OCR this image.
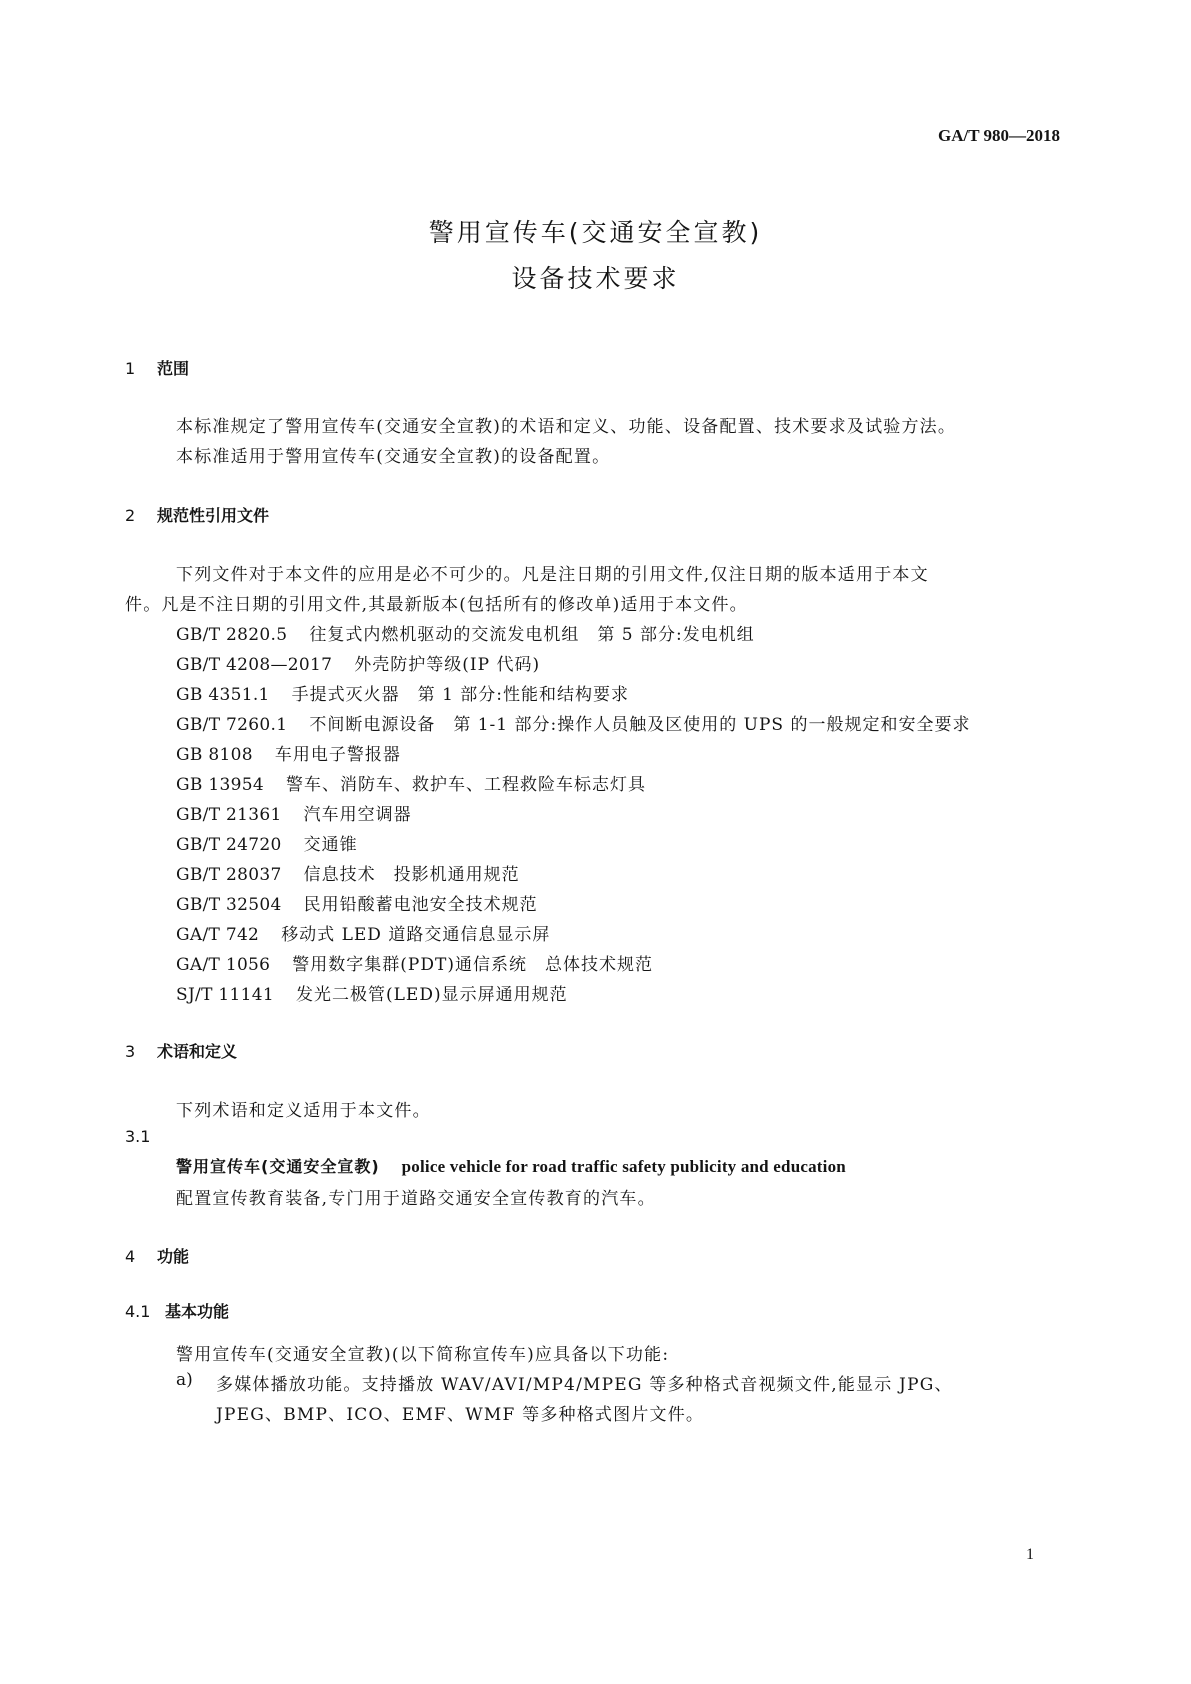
GA/T 980—2018
警用宣传车(交通安全宣教)
设备技术要求
1 范围
本标准规定了警用宣传车(交通安全宣教)的术语和定义、功能、设备配置、技术要求及试验方法。
本标准适用于警用宣传车(交通安全宣教)的设备配置。
2 规范性引用文件
下列文件对于本文件的应用是必不可少的。凡是注日期的引用文件,仅注日期的版本适用于本文
件。凡是不注日期的引用文件,其最新版本(包括所有的修改单)适用于本文件。
GB/T 2820.5 往复式内燃机驱动的交流发电机组　第 5 部分:发电机组
GB/T 4208—2017 外壳防护等级(IP 代码)
GB 4351.1 手提式灭火器　第 1 部分:性能和结构要求
GB/T 7260.1 不间断电源设备　第 1-1 部分:操作人员触及区使用的 UPS 的一般规定和安全要求
GB 8108 车用电子警报器
GB 13954 警车、消防车、救护车、工程救险车标志灯具
GB/T 21361 汽车用空调器
GB/T 24720 交通锥
GB/T 28037 信息技术　投影机通用规范
GB/T 32504 民用铅酸蓄电池安全技术规范
GA/T 742 移动式 LED 道路交通信息显示屏
GA/T 1056 警用数字集群(PDT)通信系统　总体技术规范
SJ/T 11141 发光二极管(LED)显示屏通用规范
3 术语和定义
下列术语和定义适用于本文件。
3.1
警用宣传车(交通安全宣教) police vehicle for road traffic safety publicity and education
配置宣传教育装备,专门用于道路交通安全宣传教育的汽车。
4 功能
4.1 基本功能
警用宣传车(交通安全宣教)(以下简称宣传车)应具备以下功能:
a) 多媒体播放功能。支持播放 WAV/AVI/MP4/MPEG 等多种格式音视频文件,能显示 JPG、
JPEG、BMP、ICO、EMF、WMF 等多种格式图片文件。
1
